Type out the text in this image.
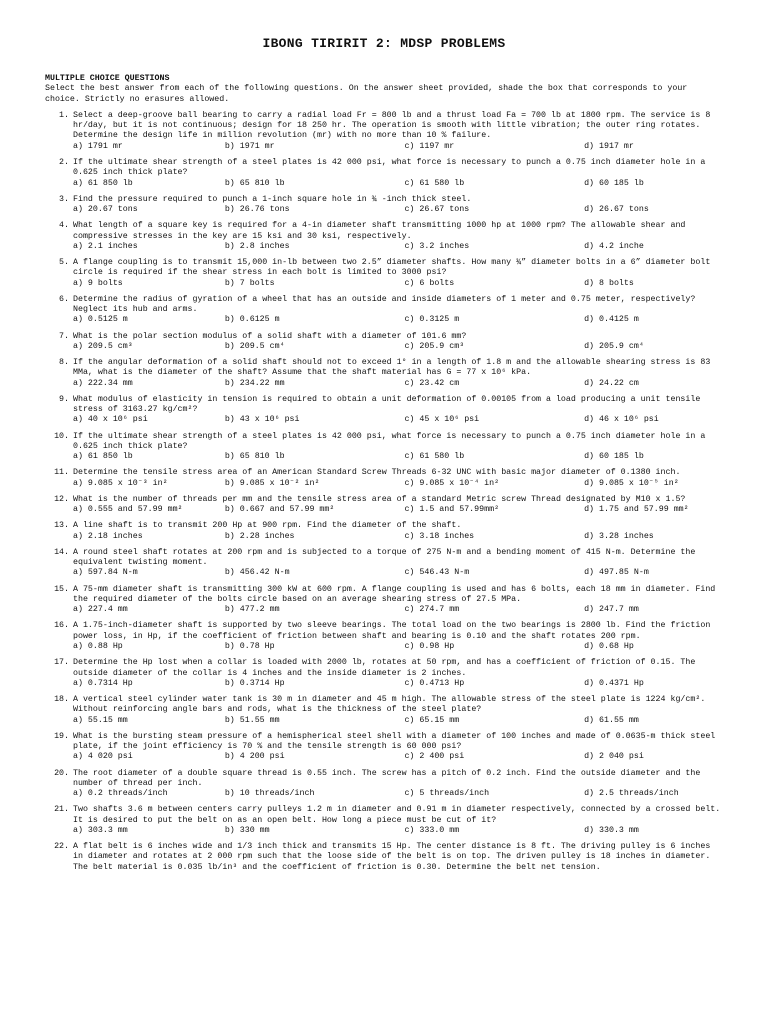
IBONG TIRIRIT 2: MDSP PROBLEMS
MULTIPLE CHOICE QUESTIONS
Select the best answer from each of the following questions. On the answer sheet provided, shade the box that corresponds to your choice. Strictly no erasures allowed.
1. Select a deep-groove ball bearing to carry a radial load Fr = 800 lb and a thrust load Fa = 700 lb at 1800 rpm. The service is 8 hr/day, but it is not continuous; design for 18 250 hr. The operation is smooth with little vibration; the outer ring rotates. Determine the design life in million revolution (mr) with no more than 10 % failure.
a) 1791 mr	b) 1971 mr	c) 1197 mr	d) 1917 mr
2. If the ultimate shear strength of a steel plates is 42 000 psi, what force is necessary to punch a 0.75 inch diameter hole in a 0.625 inch thick plate?
a) 61 850 lb	b) 65 810 lb	c) 61 580 lb	d) 60 185 lb
3. Find the pressure required to punch a 1-inch square hole in ¾ -inch thick steel.
a) 20.67 tons	b) 26.76 tons	c) 26.67 tons	d) 26.67 tons
4. What length of a square key is required for a 4-in diameter shaft transmitting 1000 hp at 1000 rpm? The allowable shear and compressive stresses in the key are 15 ksi and 30 ksi, respectively.
a) 2.1 inches	b) 2.8 inches	c) 3.2 inches	d) 4.2 inche
5. A flange coupling is to transmit 15,000 in-lb between two 2.5” diameter shafts. How many ¾” diameter bolts in a 6” diameter bolt circle is required if the shear stress in each bolt is limited to 3000 psi?
a) 9 bolts	b) 7 bolts	c) 6 bolts	d) 8 bolts
6. Determine the radius of gyration of a wheel that has an outside and inside diameters of 1 meter and 0.75 meter, respectively? Neglect its hub and arms.
a) 0.5125 m	b) 0.6125 m	c) 0.3125 m	d) 0.4125 m
7. What is the polar section modulus of a solid shaft with a diameter of 101.6 mm?
a) 209.5 cm³	b) 209.5 cm⁴	c) 205.9 cm³	d) 205.9 cm⁴
8. If the angular deformation of a solid shaft should not to exceed 1° in a length of 1.8 m and the allowable shearing stress is 83 MMa, what is the diameter of the shaft? Assume that the shaft material has G = 77 x 10⁶ kPa.
a) 222.34 mm	b) 234.22 mm	c) 23.42 cm	d) 24.22 cm
9. What modulus of elasticity in tension is required to obtain a unit deformation of 0.00105 from a load producing a unit tensile stress of 3163.27 kg/cm²?
a) 40 x 10⁶ psi	b) 43 x 10⁶ psi	c) 45 x 10⁶ psi	d) 46 x 10⁶ psi
10. If the ultimate shear strength of a steel plates is 42 000 psi, what force is necessary to punch a 0.75 inch diameter hole in a 0.625 inch thick plate?
a) 61 850 lb	b) 65 810 lb	c) 61 580 lb	d) 60 185 lb
11. Determine the tensile stress area of an American Standard Screw Threads 6-32 UNC with basic major diameter of 0.1380 inch.
a) 9.085 x 10⁻³ in²	b) 9.085 x 10⁻² in²	c) 9.085 x 10⁻⁴ in²	d) 9.085 x 10⁻⁵ in²
12. What is the number of threads per mm and the tensile stress area of a standard Metric screw Thread designated by M10 x 1.5?
a) 0.555 and 57.99 mm²	b) 0.667 and 57.99 mm²	c) 1.5 and 57.99mm²	d) 1.75 and 57.99 mm²
13. A line shaft is to transmit 200 Hp at 900 rpm. Find the diameter of the shaft.
a) 2.18 inches	b) 2.28 inches	c) 3.18 inches	d) 3.28 inches
14. A round steel shaft rotates at 200 rpm and is subjected to a torque of 275 N-m and a bending moment of 415 N-m. Determine the equivalent twisting moment.
a) 597.84 N-m	b) 456.42 N-m	c) 546.43 N-m	d) 497.85 N-m
15. A 75-mm diameter shaft is transmitting 300 kW at 600 rpm. A flange coupling is used and has 6 bolts, each 18 mm in diameter. Find the required diameter of the bolts circle based on an average shearing stress of 27.5 MPa.
a) 227.4 mm	b) 477.2 mm	c) 274.7 mm	d) 247.7 mm
16. A 1.75-inch-diameter shaft is supported by two sleeve bearings. The total load on the two bearings is 2800 lb. Find the friction power loss, in Hp, if the coefficient of friction between shaft and bearing is 0.10 and the shaft rotates 200 rpm.
a) 0.88 Hp	b) 0.78 Hp	c) 0.98 Hp	d) 0.68 Hp
17. Determine the Hp lost when a collar is loaded with 2000 lb, rotates at 50 rpm, and has a coefficient of friction of 0.15. The outside diameter of the collar is 4 inches and the inside diameter is 2 inches.
a) 0.7314 Hp	b) 0.3714 Hp	c) 0.4713 Hp	d) 0.4371 Hp
18. A vertical steel cylinder water tank is 30 m in diameter and 45 m high. The allowable stress of the steel plate is 1224 kg/cm². Without reinforcing angle bars and rods, what is the thickness of the steel plate?
a) 55.15 mm	b) 51.55 mm	c) 65.15 mm	d) 61.55 mm
19. What is the bursting steam pressure of a hemispherical steel shell with a diameter of 100 inches and made of 0.0635-m thick steel plate, if the joint efficiency is 70 % and the tensile strength is 60 000 psi?
a) 4 020 psi	b) 4 200 psi	c) 2 400 psi	d) 2 040 psi
20. The root diameter of a double square thread is 0.55 inch. The screw has a pitch of 0.2 inch. Find the outside diameter and the number of thread per inch.
a) 0.2 threads/inch	b) 10 threads/inch	c) 5 threads/inch	d) 2.5 threads/inch
21. Two shafts 3.6 m between centers carry pulleys 1.2 m in diameter and 0.91 m in diameter respectively, connected by a crossed belt. It is desired to put the belt on as an open belt. How long a piece must be cut of it?
a) 303.3 mm	b) 330 mm	c) 333.0 mm	d) 330.3 mm
22. A flat belt is 6 inches wide and 1/3 inch thick and transmits 15 Hp. The center distance is 8 ft. The driving pulley is 6 inches in diameter and rotates at 2 000 rpm such that the loose side of the belt is on top. The driven pulley is 18 inches in diameter. The belt material is 0.035 lb/in³ and the coefficient of friction is 0.30. Determine the belt net tension.
